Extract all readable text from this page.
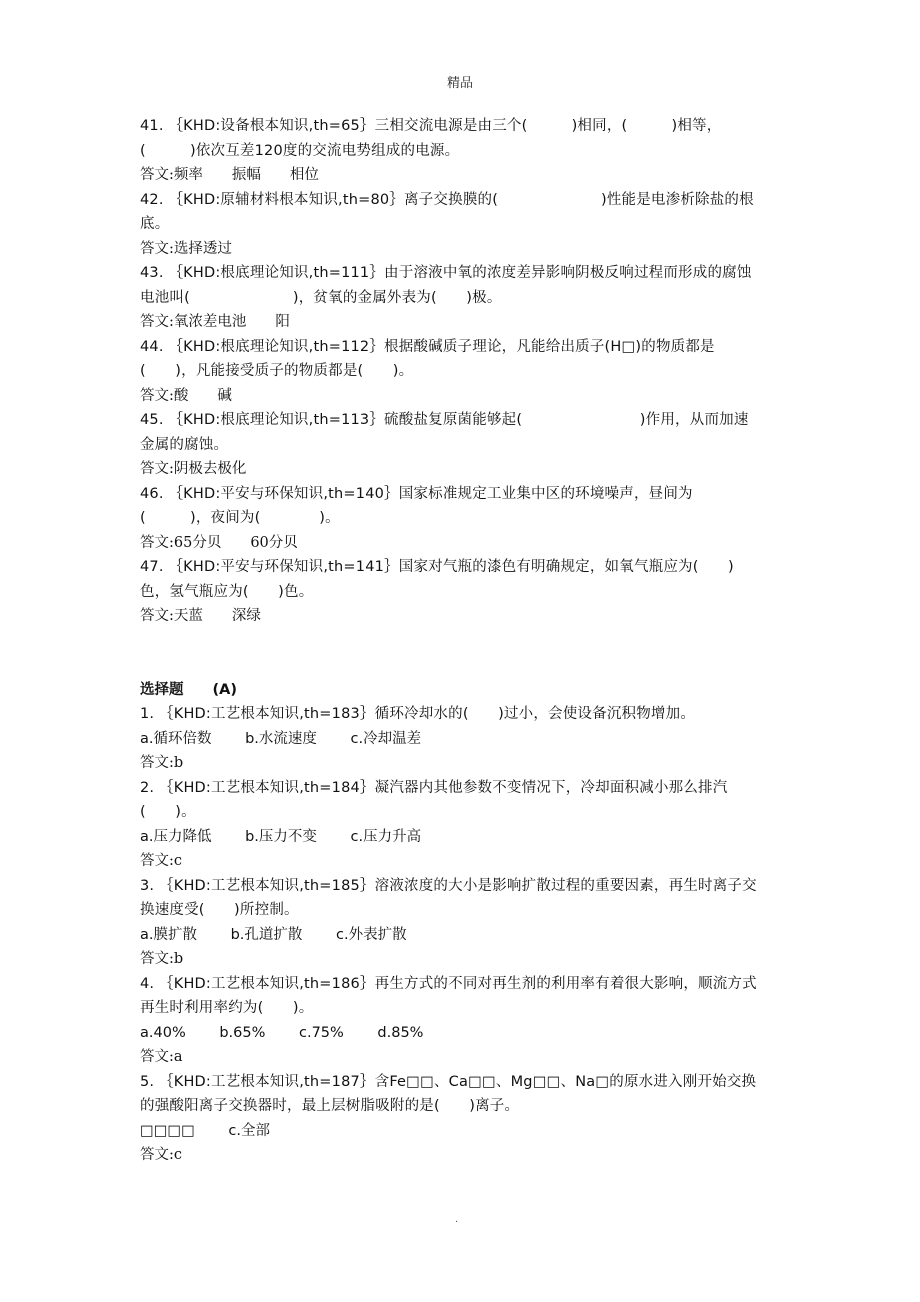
精品
41. ｛KHD:设备根本知识,th=65｝三相交流电源是由三个(　　　)相同，(　　　)相等，(　　　)依次互差120度的交流电势组成的电源。
答文:频率　　振幅　　相位
42. ｛KHD:原辅材料根本知识,th=80｝离子交换膜的(　　　　　　　)性能是电渗析除盐的根底。
答文:选择透过
43. ｛KHD:根底理论知识,th=111｝由于溶液中氧的浓度差异影响阴极反响过程而形成的腐蚀电池叫(　　　　　　　)，贫氧的金属外表为(　　)极。
答文:氧浓差电池　　阳
44. ｛KHD:根底理论知识,th=112｝根据酸碱质子理论，凡能给出质子(H□)的物质都是(　　)，凡能接受质子的物质都是(　　)。
答文:酸　　碱
45. ｛KHD:根底理论知识,th=113｝硫酸盐复原菌能够起(　　　　　　　　)作用，从而加速金属的腐蚀。
答文:阴极去极化
46. ｛KHD:平安与环保知识,th=140｝国家标准规定工业集中区的环境噪声，昼间为(　　　)，夜间为(　　　　)。
答文:65分贝　　60分贝
47. ｛KHD:平安与环保知识,th=141｝国家对气瓶的漆色有明确规定，如氧气瓶应为(　　)色，氢气瓶应为(　　)色。
答文:天蓝　　深绿
选择题　　(A)
1. ｛KHD:工艺根本知识,th=183｝循环冷却水的(　　)过小，会使设备沉积物增加。
a.循环倍数　　 b.水流速度　　 c.冷却温差
答文:b
2. ｛KHD:工艺根本知识,th=184｝凝汽器内其他参数不变情况下，冷却面积减小那么排汽(　　)。
a.压力降低　　 b.压力不变　　 c.压力升高
答文:c
3. ｛KHD:工艺根本知识,th=185｝溶液浓度的大小是影响扩散过程的重要因素，再生时离子交换速度受(　　)所控制。
a.膜扩散　　 b.孔道扩散　　 c.外表扩散
答文:b
4. ｛KHD:工艺根本知识,th=186｝再生方式的不同对再生剂的利用率有着很大影响，顺流方式再生时利用率约为(　　)。
a.40%　　 b.65%　　 c.75%　　 d.85%
答文:a
5. ｛KHD:工艺根本知识,th=187｝含Fe□□、Ca□□、Mg□□、Na□的原水进入刚开始交换的强酸阳离子交换器时，最上层树脂吸附的是(　　)离子。
□□□□　　 c.全部
答文:c
.
